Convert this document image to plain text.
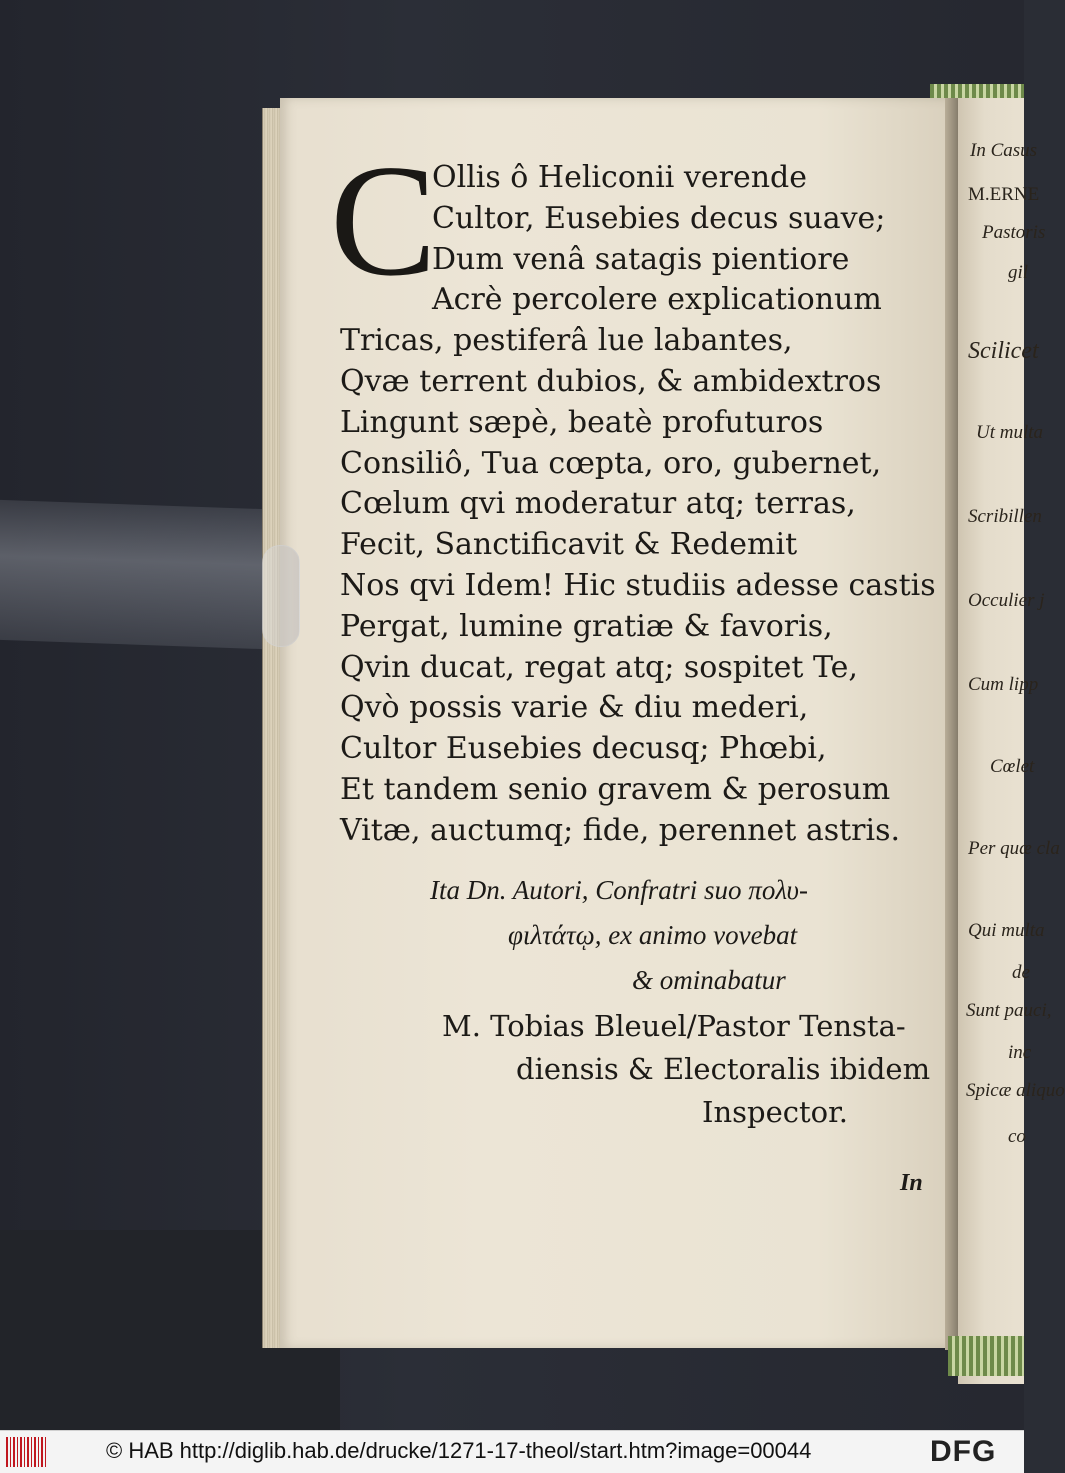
C
Ollis ô Heliconii verende
Cultor, Eusebies decus suave;
Dum venâ satagis pientiore
Acrè percolere explicationum
Tricas, pestiferâ lue labantes,
Qvæ terrent dubios, & ambidextros
Lingunt sæpè, beatè profuturos
Consiliô, Tua cœpta, oro, gubernet,
Cœlum qvi moderatur atq; terras,
Fecit, Sanctificavit & Redemit
Nos qvi Idem! Hic studiis adesse castis
Pergat, lumine gratiæ & favoris,
Qvin ducat, regat atq; sospitet Te,
Qvò possis varie & diu mederi,
Cultor Eusebies decusq; Phœbi,
Et tandem senio gravem & perosum
Vitæ, auctumq; fide, perennet astris.
Ita Dn. Autori, Confratri suo πολυ-
φιλτάτῳ, ex animo vovebat
& ominabatur
M. Tobias Bleuel/Pastor Tensta-
diensis & Electoralis ibidem
Inspector.
In
In Casus
M.ERNE
Pastoris
gil
Scilicet
Ut multa
Scribillen
Occulier j
Cum lipp
Cœlet
Per quæ cla
Qui multa
de
Sunt pauci,
inc
Spicæ aliquo
co
© HAB http://diglib.hab.de/drucke/1271-17-theol/start.htm?image=00044	DFG
